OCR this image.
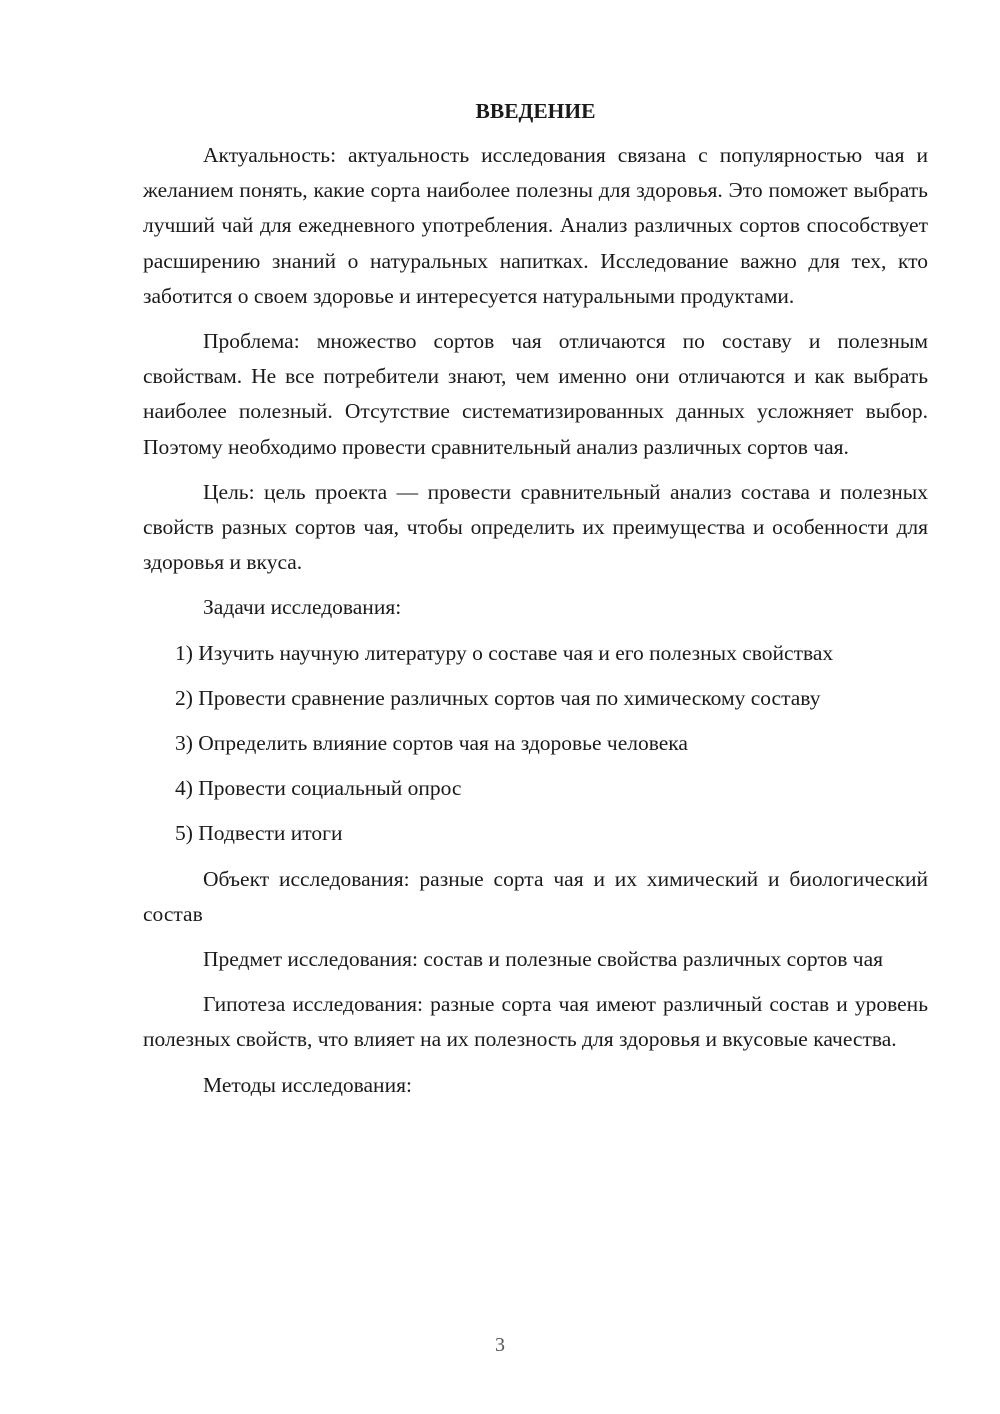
ВВЕДЕНИЕ

Актуальность: актуальность исследования связана с популярностью чая и желанием понять, какие сорта наиболее полезны для здоровья. Это поможет выбрать лучший чай для ежедневного употребления. Анализ различных сортов способствует расширению знаний о натуральных напитках. Исследование важно для тех, кто заботится о своем здоровье и интересуется натуральными продуктами.

Проблема: множество сортов чая отличаются по составу и полезным свойствам. Не все потребители знают, чем именно они отличаются и как выбрать наиболее полезный. Отсутствие систематизированных данных усложняет выбор. Поэтому необходимо провести сравнительный анализ различных сортов чая.

Цель: цель проекта — провести сравнительный анализ состава и полезных свойств разных сортов чая, чтобы определить их преимущества и особенности для здоровья и вкуса.

Задачи исследования:

1) Изучить научную литературу о составе чая и его полезных свойствах

2) Провести сравнение различных сортов чая по химическому составу

3) Определить влияние сортов чая на здоровье человека

4) Провести социальный опрос

5) Подвести итоги

Объект исследования: разные сорта чая и их химический и биологический состав

Предмет исследования: состав и полезные свойства различных сортов чая

Гипотеза исследования: разные сорта чая имеют различный состав и уровень полезных свойств, что влияет на их полезность для здоровья и вкусовые качества.

Методы исследования:

3
